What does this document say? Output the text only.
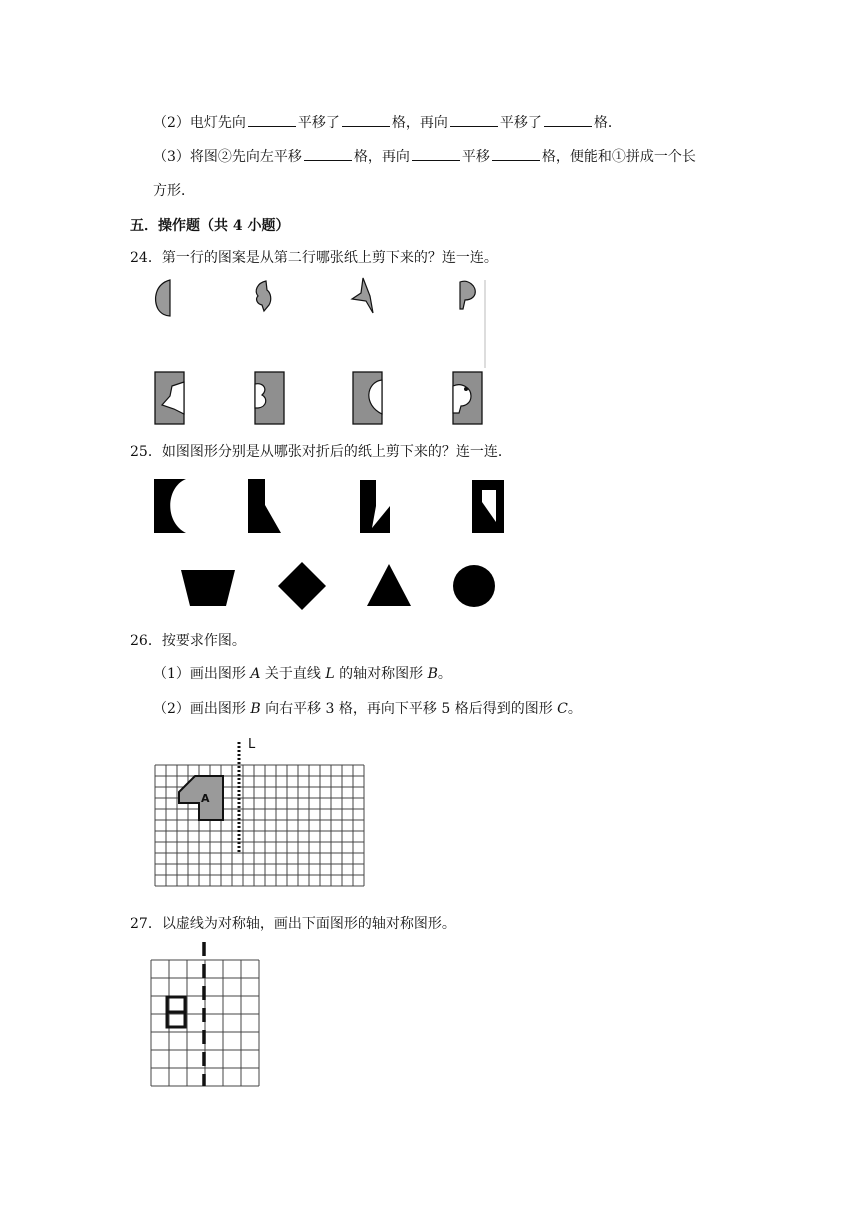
（2）电灯先向	平移了	格，再向	平移了	格．
（3）将图②先向左平移	格，再向	平移	格，便能和①拼成一个长
方形．
五．操作题（共 4 小题）
24．第一行的图案是从第二行哪张纸上剪下来的？连一连。
25．如图图形分别是从哪张对折后的纸上剪下来的？连一连．
26．按要求作图。
（1）画出图形 A 关于直线 L 的轴对称图形 B。
（2）画出图形 B 向右平移 3 格，再向下平移 5 格后得到的图形 C。
A
L
27．以虚线为对称轴，画出下面图形的轴对称图形。
